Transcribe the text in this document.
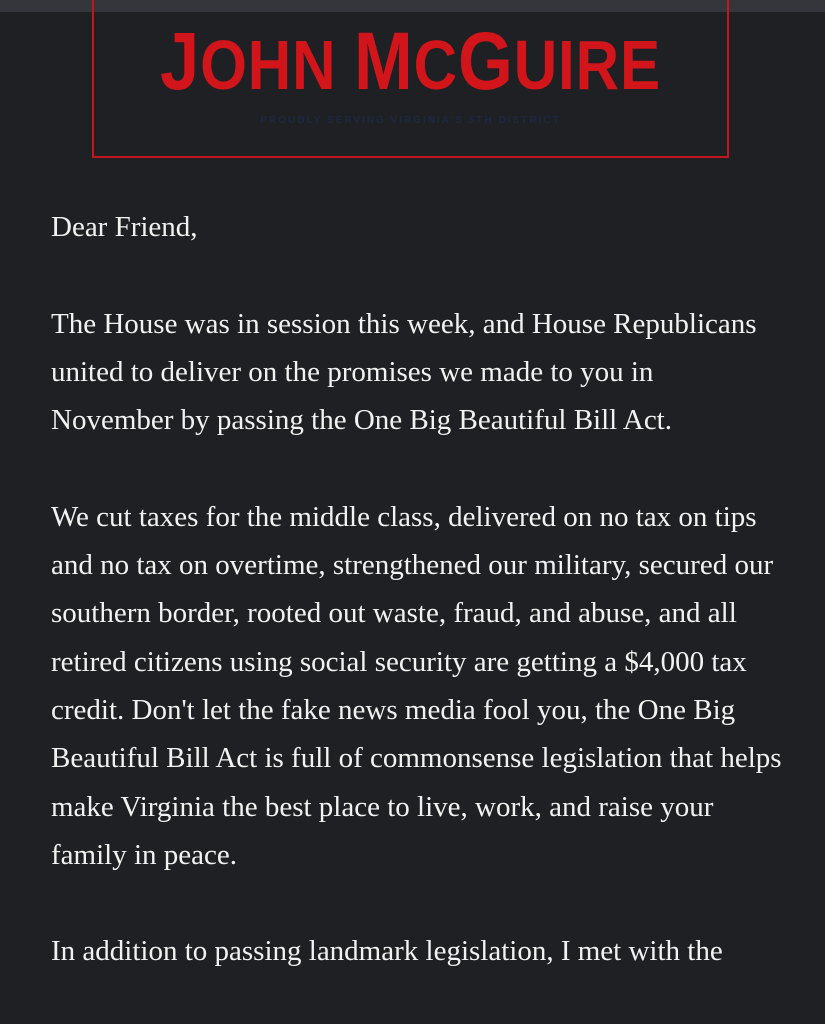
JOHN MCGUIRE
PROUDLY SERVING VIRGINIA'S 5TH DISTRICT

Dear Friend,

The House was in session this week, and House Republicans united to deliver on the promises we made to you in November by passing the One Big Beautiful Bill Act.

We cut taxes for the middle class, delivered on no tax on tips and no tax on overtime, strengthened our military, secured our southern border, rooted out waste, fraud, and abuse, and all retired citizens using social security are getting a $4,000 tax credit. Don't let the fake news media fool you, the One Big Beautiful Bill Act is full of commonsense legislation that helps make Virginia the best place to live, work, and raise your family in peace.

In addition to passing landmark legislation, I met with the
